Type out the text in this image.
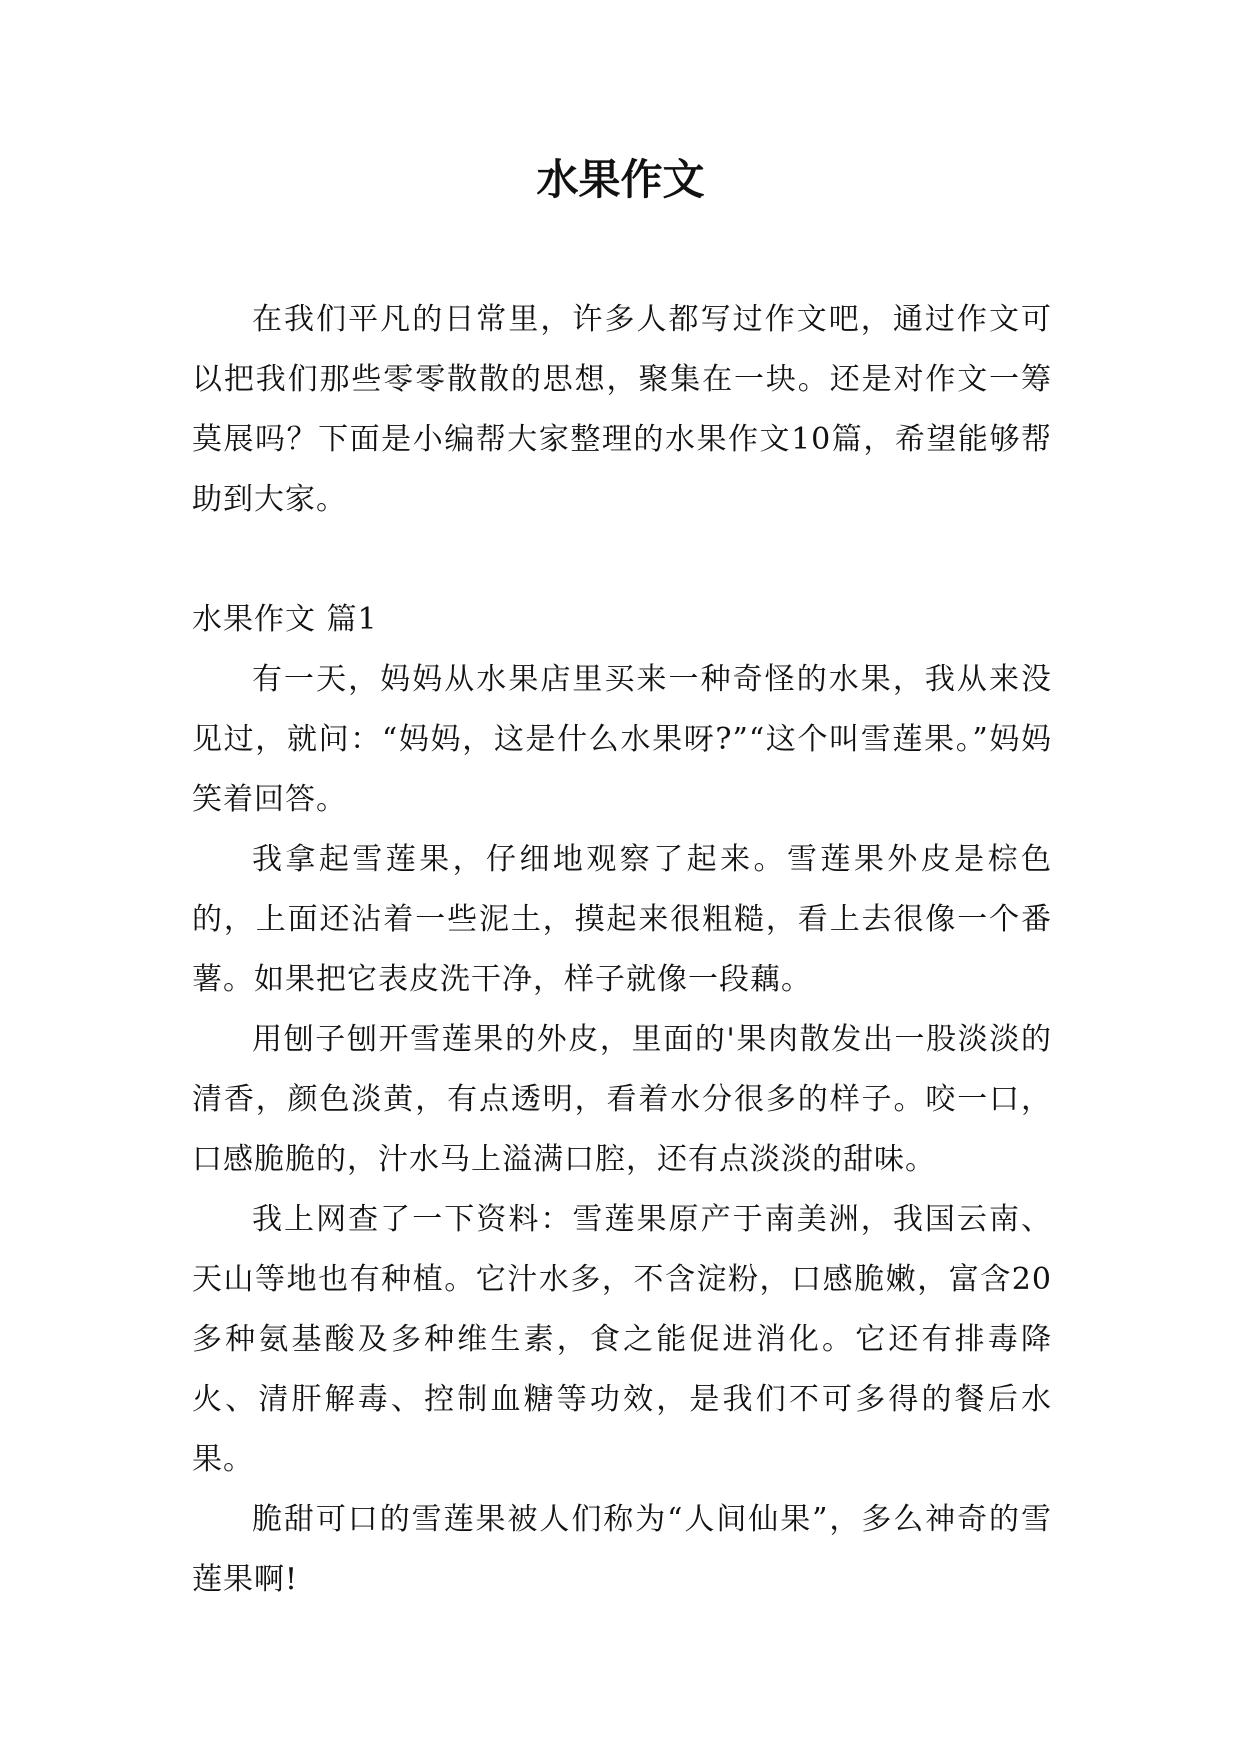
水果作文

在我们平凡的日常里，许多人都写过作文吧，通过作文可以把我们那些零零散散的思想，聚集在一块。还是对作文一筹莫展吗？下面是小编帮大家整理的水果作文10篇，希望能够帮助到大家。

水果作文 篇1

有一天，妈妈从水果店里买来一种奇怪的水果，我从来没见过，就问：“妈妈，这是什么水果呀?”“这个叫雪莲果。”妈妈笑着回答。

我拿起雪莲果，仔细地观察了起来。雪莲果外皮是棕色的，上面还沾着一些泥土，摸起来很粗糙，看上去很像一个番薯。如果把它表皮洗干净，样子就像一段藕。

用刨子刨开雪莲果的外皮，里面的'果肉散发出一股淡淡的清香，颜色淡黄，有点透明，看着水分很多的样子。咬一口，口感脆脆的，汁水马上溢满口腔，还有点淡淡的甜味。

我上网查了一下资料：雪莲果原产于南美洲，我国云南、天山等地也有种植。它汁水多，不含淀粉，口感脆嫩，富含20多种氨基酸及多种维生素，食之能促进消化。它还有排毒降火、清肝解毒、控制血糖等功效，是我们不可多得的餐后水果。

脆甜可口的雪莲果被人们称为“人间仙果”，多么神奇的雪莲果啊!
